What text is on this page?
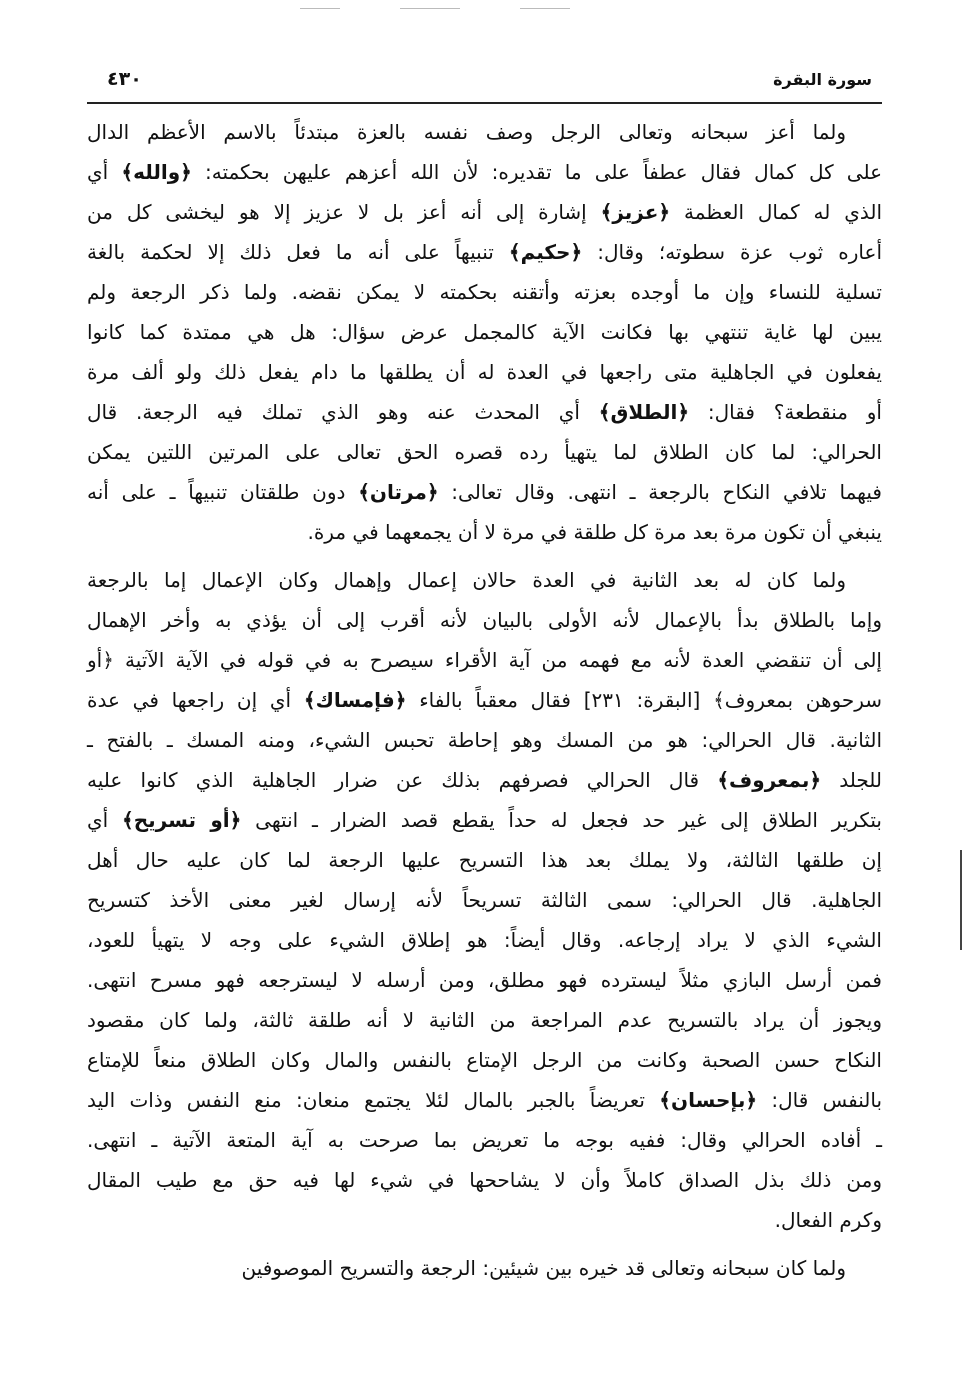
٤٣٠	سورة البقرة
ولما أعز سبحانه وتعالى الرجل وصف نفسه بالعزة مبتدئاً بالاسم الأعظم الدال
على كل كمال فقال عطفاً على ما تقديره: لأن الله أعزهم عليهن بحكمته: ﴿والله﴾ أي
الذي له كمال العظمة ﴿عزيز﴾ إشارة إلى أنه أعز بل لا عزيز إلا هو ليخشى كل من
أعاره ثوب عزة سطوته؛ وقال: ﴿حكيم﴾ تنبيهاً على أنه ما فعل ذلك إلا لحكمة بالغة
تسلية للنساء وإن ما أوجده بعزته وأتقنه بحكمته لا يمكن نقضه. ولما ذكر الرجعة ولم
يبين لها غاية تنتهي بها فكانت الآية كالمجمل عرض سؤال: هل هي ممتدة كما كانوا
يفعلون في الجاهلية متى راجعها في العدة له أن يطلقها ما دام يفعل ذلك ولو ألف مرة
أو منقطعة؟ فقال: ﴿الطلاق﴾ أي المحدث عنه وهو الذي تملك فيه الرجعة. قال
الحرالي: لما كان الطلاق لما يتهيأ رده قصره الحق تعالى على المرتين اللتين يمكن
فيهما تلافي النكاح بالرجعة ـ انتهى. وقال تعالى: ﴿مرتان﴾ دون طلقتان تنبيهاً ـ على أنه
ينبغي أن تكون مرة بعد مرة كل طلقة في مرة لا أن يجمعهما في مرة.
ولما كان له بعد الثانية في العدة حالان إعمال وإهمال وكان الإعمال إما بالرجعة
وإما بالطلاق بدأ بالإعمال لأنه الأولى بالبيان لأنه أقرب إلى أن يؤذي به وأخر الإهمال
إلى أن تنقضي العدة لأنه مع فهمه من آية الأقراء سيصرح به في قوله في الآية الآتية ﴿أو
سرحوهن بمعروف﴾ [البقرة: ٢٣١] فقال معقباً بالفاء ﴿فإمساك﴾ أي إن راجعها في عدة
الثانية. قال الحرالي: هو من المسك وهو إحاطة تحبس الشيء، ومنه المسك ـ بالفتح ـ
للجلد ﴿بمعروف﴾ قال الحرالي فصرفهم بذلك عن ضرار الجاهلية الذي كانوا عليه
بتكرير الطلاق إلى غير حد فجعل له حداً يقطع قصد الضرار ـ انتهى ﴿أو تسريح﴾ أي
إن طلقها الثالثة، ولا يملك بعد هذا التسريح عليها الرجعة لما كان عليه حال أهل
الجاهلية. قال الحرالي: سمى الثالثة تسريحاً لأنه إرسال لغير معنى الأخذ كتسريح
الشيء الذي لا يراد إرجاعه. وقال أيضاً: هو إطلاق الشيء على وجه لا يتهيأ للعود،
فمن أرسل البازي مثلاً ليسترده فهو مطلق، ومن أرسله لا ليسترجعه فهو مسرح انتهى.
ويجوز أن يراد بالتسريح عدم المراجعة من الثانية لا أنه طلقة ثالثة، ولما كان مقصود
النكاح حسن الصحبة وكانت من الرجل الإمتاع بالنفس والمال وكان الطلاق منعاً للإمتاع
بالنفس قال: ﴿بإحسان﴾ تعريضاً بالجبر بالمال لئلا يجتمع منعان: منع النفس وذات اليد
ـ أفاده الحرالي وقال: ففيه بوجه ما تعريض بما صرحت به آية المتعة الآتية ـ انتهى.
ومن ذلك بذل الصداق كاملاً وأن لا يشاححها في شيء لها فيه حق مع طيب المقال
وكرم الفعال.
ولما كان سبحانه وتعالى قد خيره بين شيئين: الرجعة والتسريح الموصوفين
